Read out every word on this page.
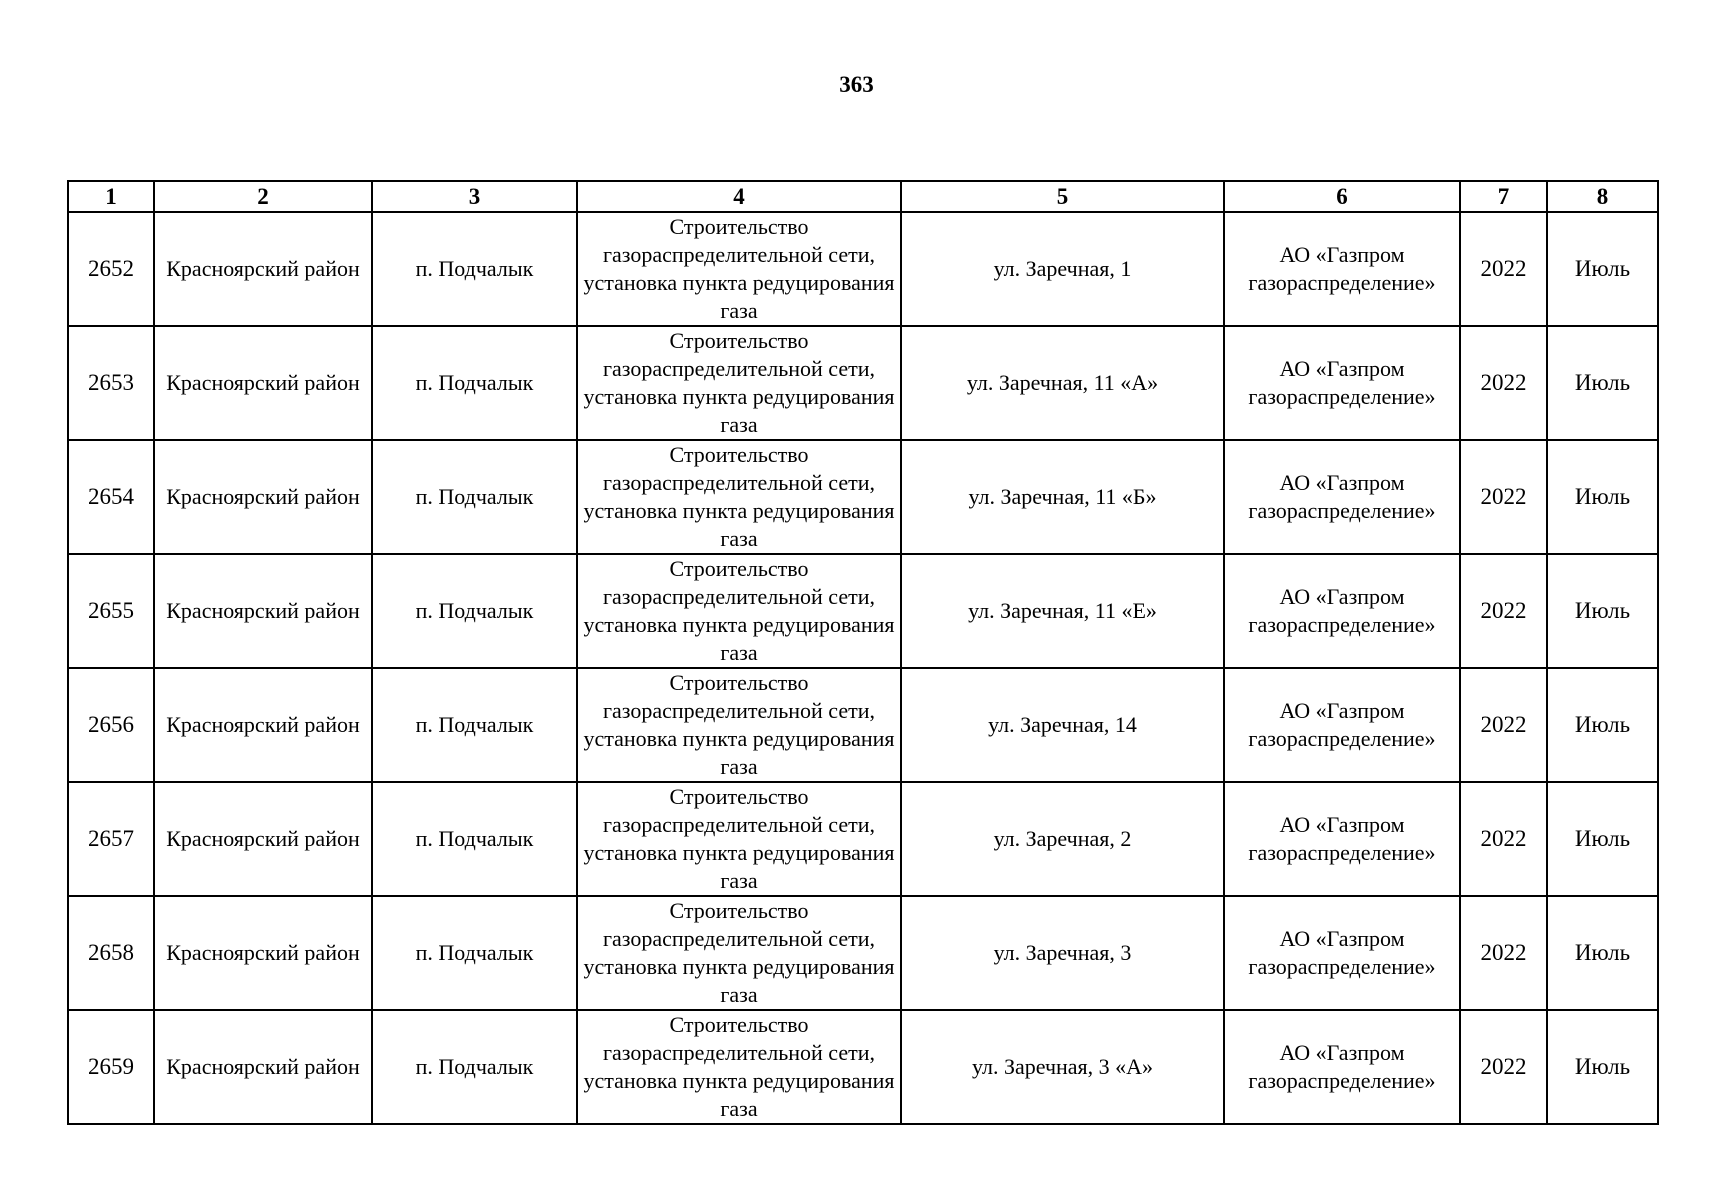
363
1	2	3	4	5	6	7	8
2652	Красноярский район	п. Подчалык	Строительство газораспределительной сети, установка пункта редуцирования газа	ул. Заречная, 1	АО «Газпром газораспределение»	2022	Июль
2653	Красноярский район	п. Подчалык	Строительство газораспределительной сети, установка пункта редуцирования газа	ул. Заречная, 11 «А»	АО «Газпром газораспределение»	2022	Июль
2654	Красноярский район	п. Подчалык	Строительство газораспределительной сети, установка пункта редуцирования газа	ул. Заречная, 11 «Б»	АО «Газпром газораспределение»	2022	Июль
2655	Красноярский район	п. Подчалык	Строительство газораспределительной сети, установка пункта редуцирования газа	ул. Заречная, 11 «Е»	АО «Газпром газораспределение»	2022	Июль
2656	Красноярский район	п. Подчалык	Строительство газораспределительной сети, установка пункта редуцирования газа	ул. Заречная, 14	АО «Газпром газораспределение»	2022	Июль
2657	Красноярский район	п. Подчалык	Строительство газораспределительной сети, установка пункта редуцирования газа	ул. Заречная, 2	АО «Газпром газораспределение»	2022	Июль
2658	Красноярский район	п. Подчалык	Строительство газораспределительной сети, установка пункта редуцирования газа	ул. Заречная, 3	АО «Газпром газораспределение»	2022	Июль
2659	Красноярский район	п. Подчалык	Строительство газораспределительной сети, установка пункта редуцирования газа	ул. Заречная, 3 «А»	АО «Газпром газораспределение»	2022	Июль
